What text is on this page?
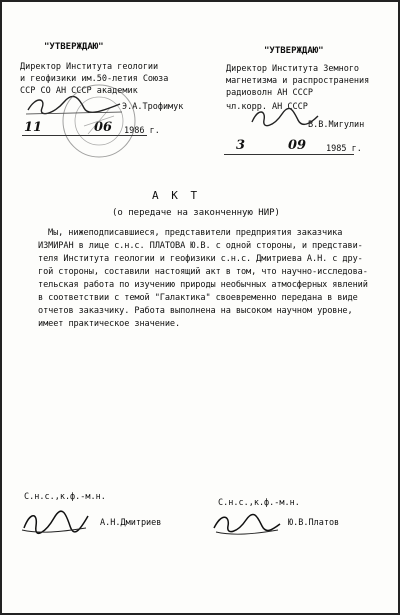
"УТВЕРЖДАЮ"
Директор Института геологии
и геофизики им.50-летия Союза
ССР СО АН СССР академик
Э.А.Трофимук
11	06 1986 г.
"УТВЕРЖДАЮ"
Директор Института Земного
магнетизма и распространения
радиоволн АН СССР
чл.корр. АН СССР
В.В.Мигулин
3	09 1985 г.
А К Т
(о передаче на законченную НИР)
Мы, нижеподписавшиеся, представители предприятия заказчика
ИЗМИРАН в лице с.н.с. ПЛАТОВА Ю.В. с одной стороны, и представи-
теля Института геологии и геофизики с.н.с. Дмитриева А.Н. с дру-
гой стороны, составили настоящий акт в том, что научно-исследова-
тельская работа по изучению природы необычных атмосферных явлений
в соответствии с темой "Галактика" своевременно передана в виде
отчетов заказчику. Работа выполнена на высоком научном уровне,
имеет практическое значение.
С.н.с.,к.ф.-м.н.
А.Н.Дмитриев
С.н.с.,к.ф.-м.н.
Ю.В.Платов
